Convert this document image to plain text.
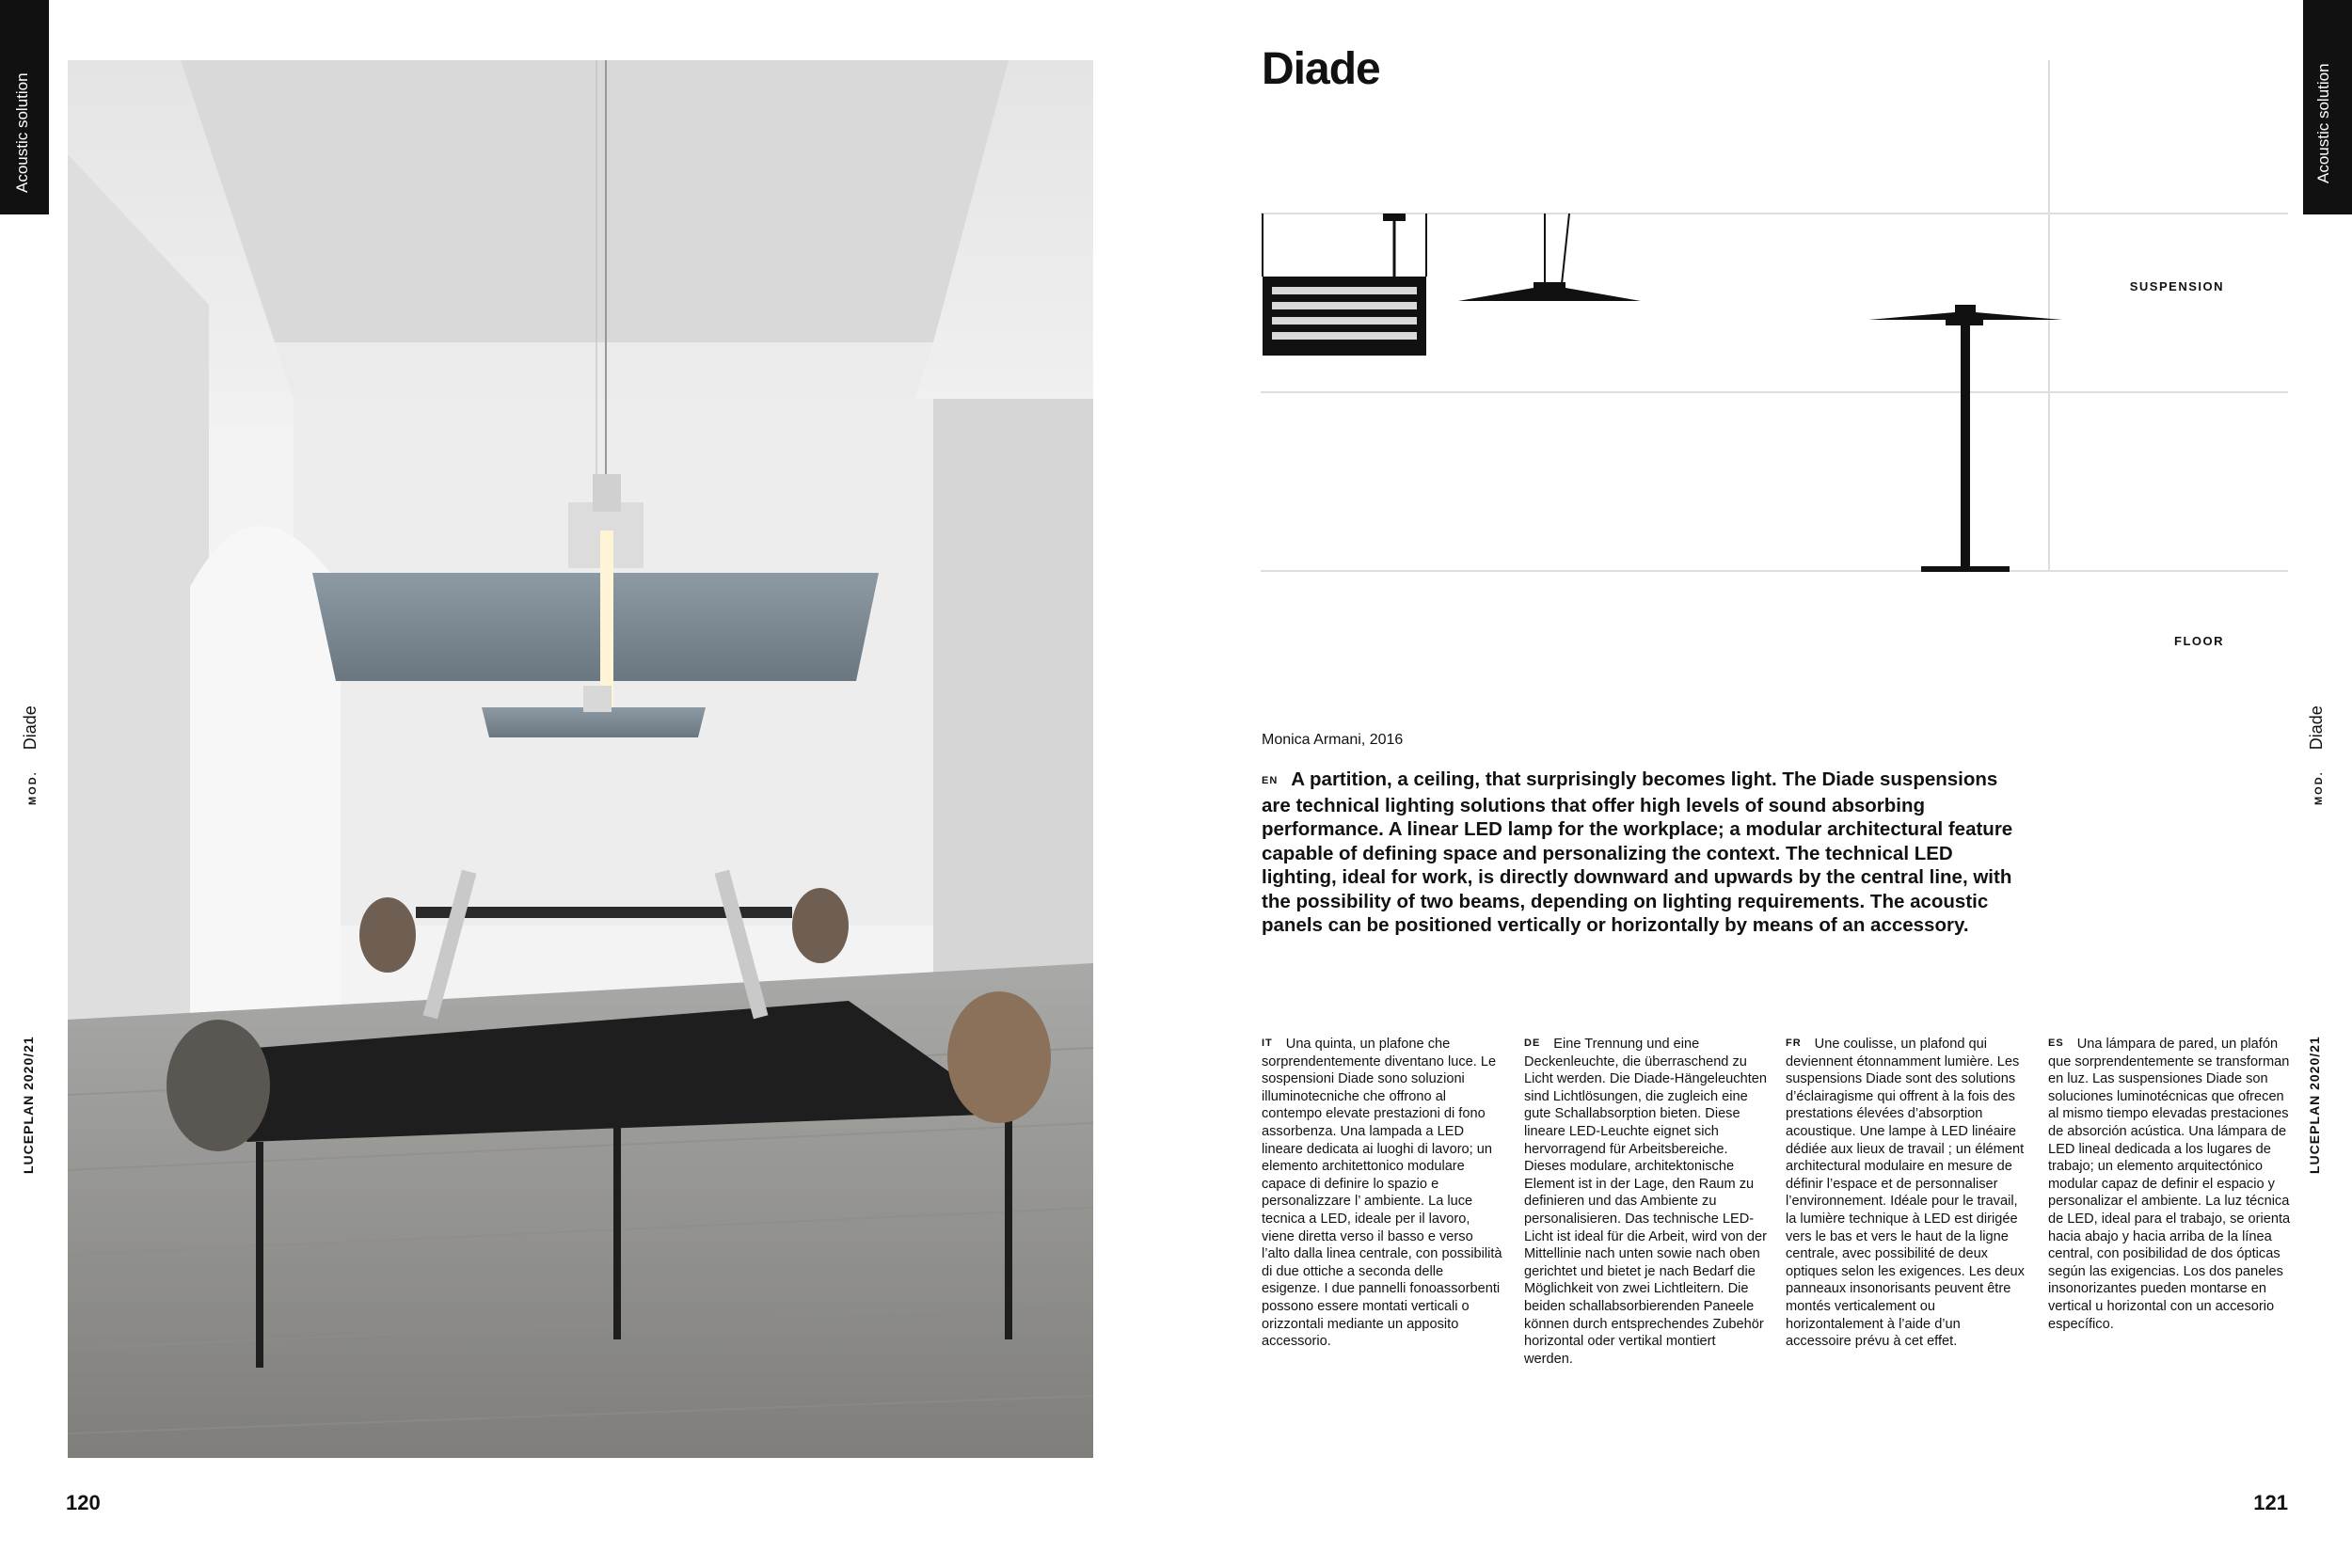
Acoustic solution
MOD.Diade
LUCEPLAN 2020/21
Acoustic solution
MOD.Diade
LUCEPLAN 2020/21
Diade
SUSPENSION
FLOOR
Monica Armani, 2016

EN A partition, a ceiling, that surprisingly becomes light. The Diade suspensions are technical lighting solutions that offer high levels of sound absorbing performance. A linear LED lamp for the workplace; a modular architectural feature capable of defining space and personalizing the context. The technical LED lighting, ideal for work, is directly downward and upwards by the central line, with the possibility of two beams, depending on lighting requirements. The acoustic panels can be positioned vertically or horizontally by means of an accessory.

IT Una quinta, un plafone che sorprendentemente diventano luce. Le sospensioni Diade sono soluzioni illuminotecniche che offrono al contempo elevate prestazioni di fono assorbenza. Una lampada a LED lineare dedicata ai luoghi di lavoro; un elemento architettonico modulare capace di definire lo spazio e personalizzare l’ ambiente. La luce tecnica a LED, ideale per il lavoro, viene diretta verso il basso e verso l’alto dalla linea centrale, con possibilità di due ottiche a seconda delle esigenze. I due pannelli fonoassorbenti possono essere montati verticali o orizzontali mediante un apposito accessorio.

DE Eine Trennung und eine Deckenleuchte, die überraschend zu Licht werden. Die Diade-Hängeleuchten sind Lichtlösungen, die zugleich eine gute Schallabsorption bieten. Diese lineare LED-Leuchte eignet sich hervorragend für Arbeitsbereiche. Dieses modulare, architektonische Element ist in der Lage, den Raum zu definieren und das Ambiente zu personalisieren. Das technische LED-Licht ist ideal für die Arbeit, wird von der Mittellinie nach unten sowie nach oben gerichtet und bietet je nach Bedarf die Möglichkeit von zwei Lichtleitern. Die beiden schallabsorbierenden Paneele können durch entsprechendes Zubehör horizontal oder vertikal montiert werden.

FR Une coulisse, un plafond qui deviennent étonnamment lumière. Les suspensions Diade sont des solutions d’éclairagisme qui offrent à la fois des prestations élevées d’absorption acoustique. Une lampe à LED linéaire dédiée aux lieux de travail ; un élément architectural modulaire en mesure de définir l’espace et de personnaliser l’environnement. Idéale pour le travail, la lumière technique à LED est dirigée vers le bas et vers le haut de la ligne centrale, avec possibilité de deux optiques selon les exigences. Les deux panneaux insonorisants peuvent être montés verticalement ou horizontalement à l’aide d’un accessoire prévu à cet effet.

ES Una lámpara de pared, un plafón que sorprendentemente se transforman en luz. Las suspensiones Diade son soluciones luminotécnicas que ofrecen al mismo tiempo elevadas prestaciones de absorción acústica. Una lámpara de LED lineal dedicada a los lugares de trabajo; un elemento arquitectónico modular capaz de definir el espacio y personalizar el ambiente. La luz técnica de LED, ideal para el trabajo, se orienta hacia abajo y hacia arriba de la línea central, con posibilidad de dos ópticas según las exigencias. Los dos paneles insonorizantes pueden montarse en vertical u horizontal con un accesorio específico.

120	121
